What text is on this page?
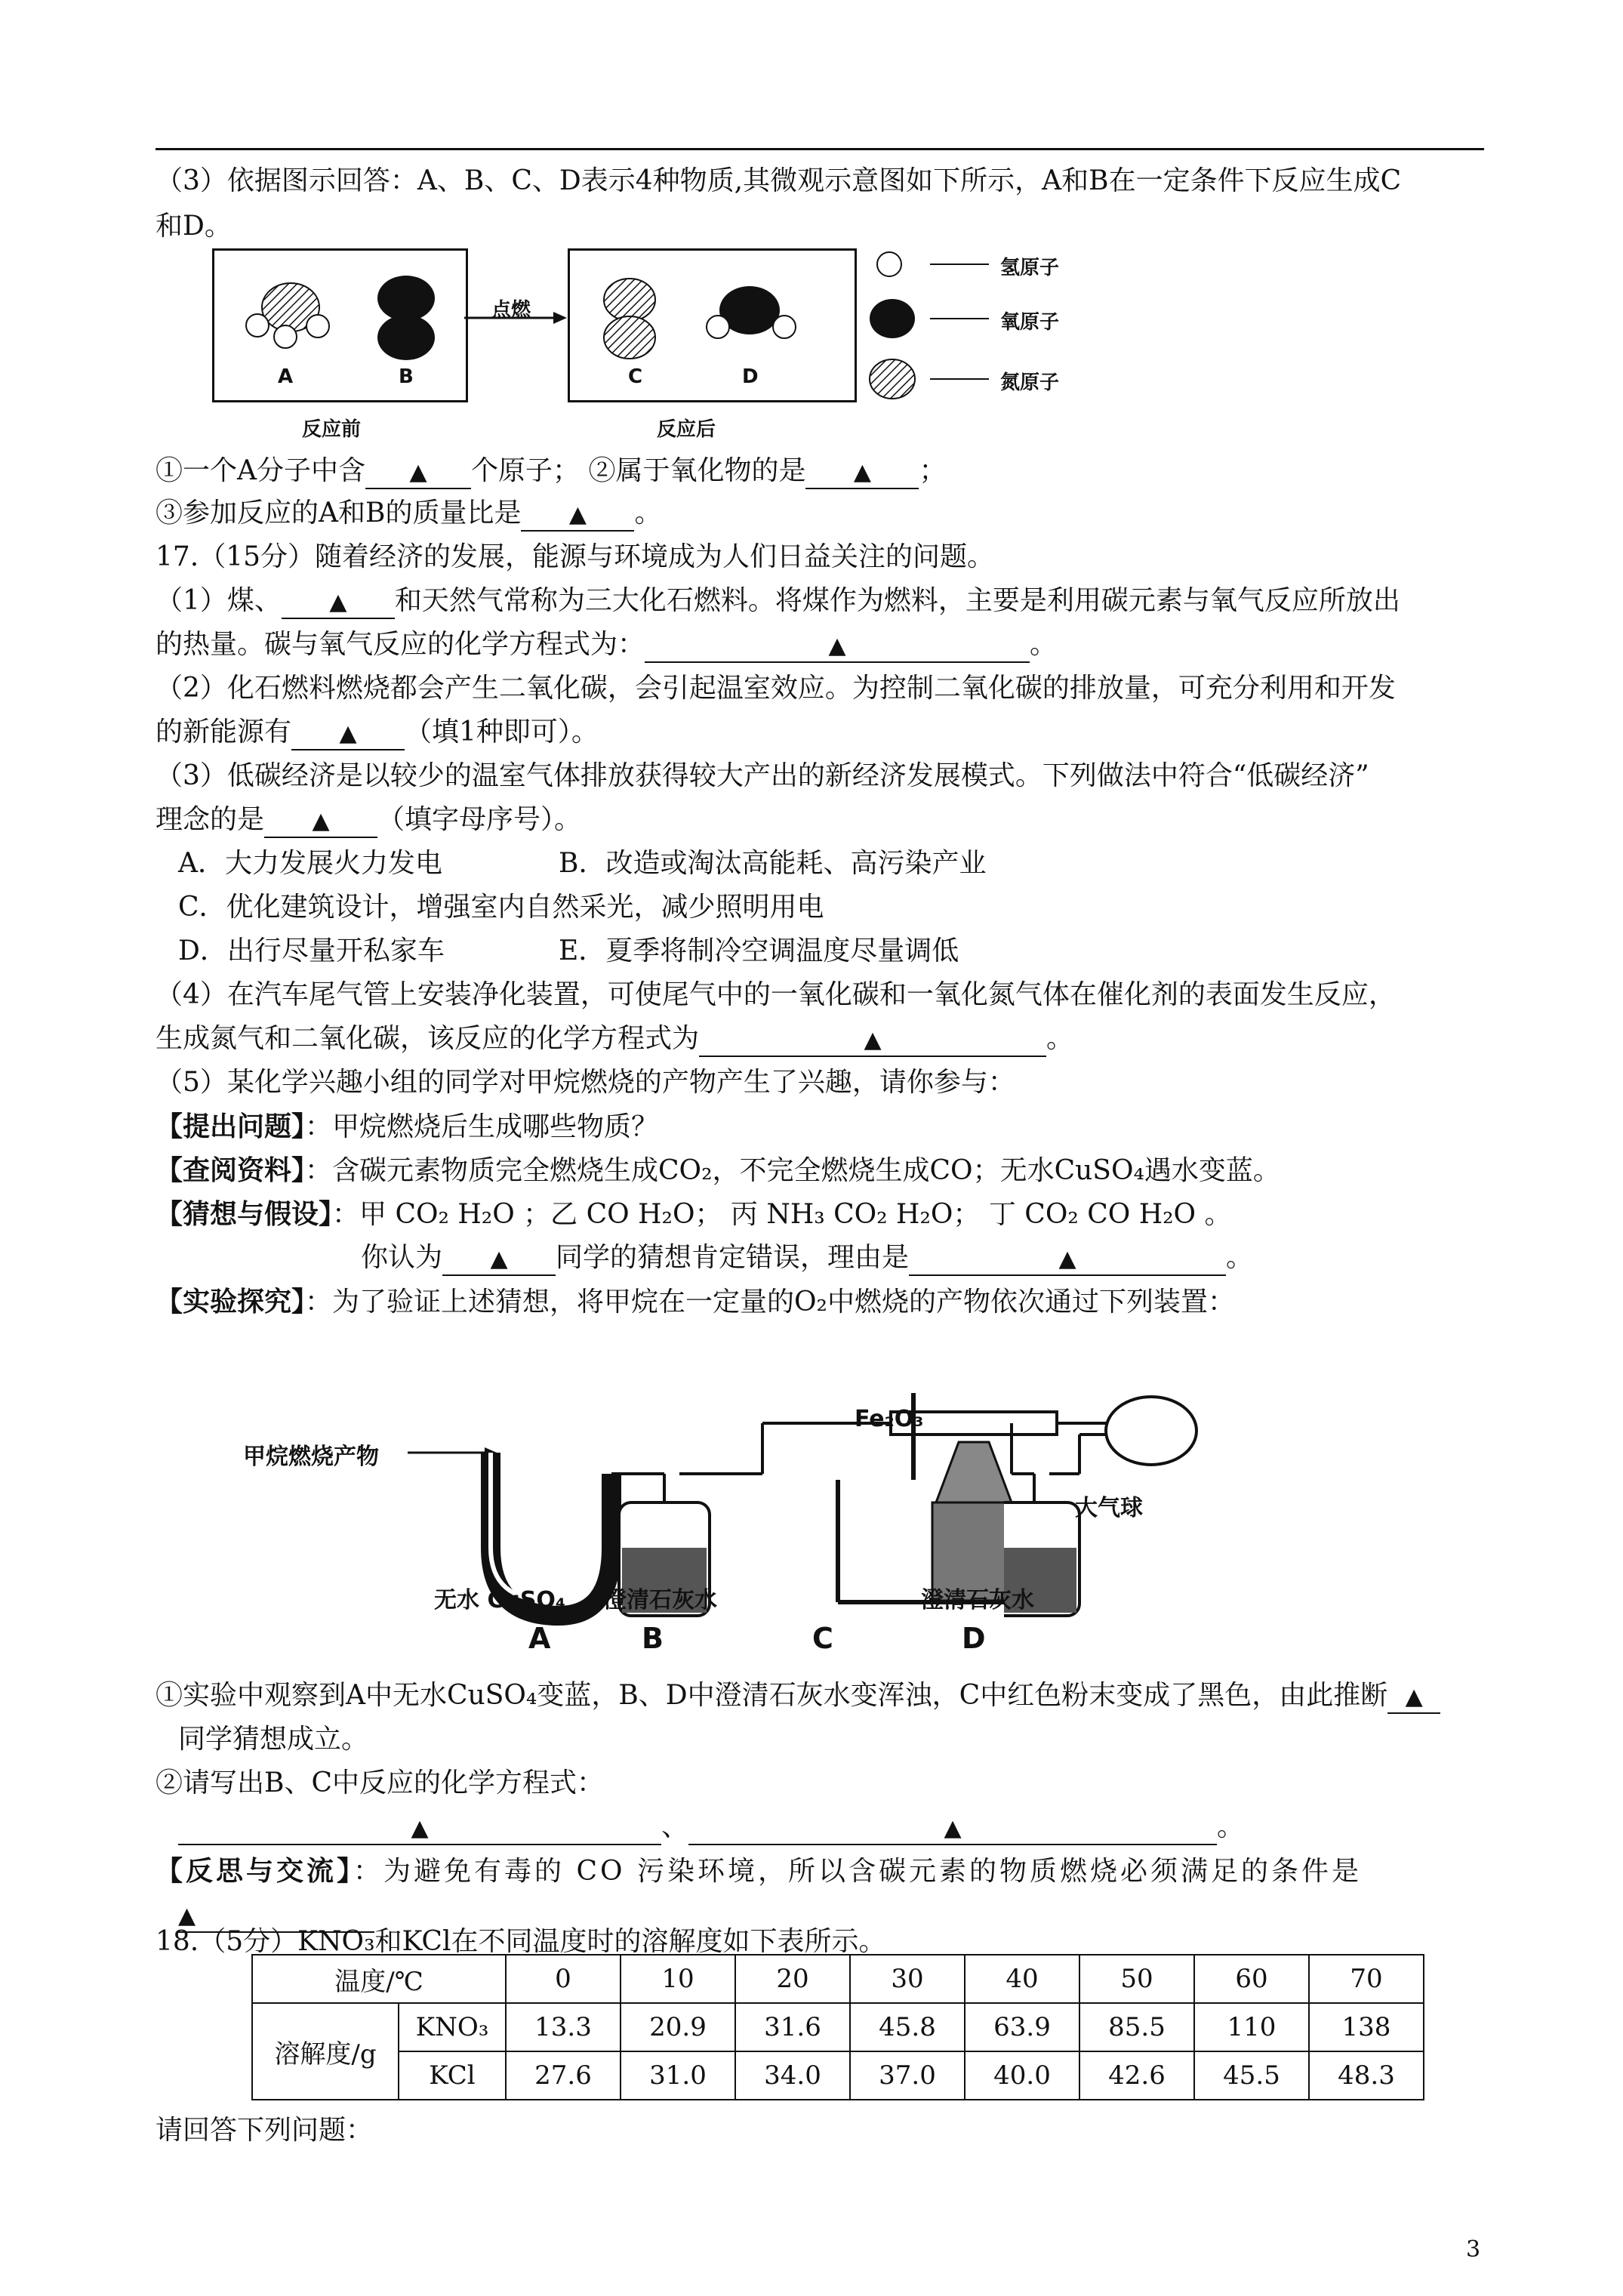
（3）依据图示回答：A、B、C、D表示4种物质,其微观示意图如下所示，A和B在一定条件下反应生成C
和D。
氢原子
氧原子
氮原子
点燃
A	B	C	D
反应前	反应后
①一个A分子中含 ▲ 个原子； ②属于氧化物的是 ▲ ；
③参加反应的A和B的质量比是 ▲ 。
17.（15分）随着经济的发展，能源与环境成为人们日益关注的问题。
（1）煤、 ▲ 和天然气常称为三大化石燃料。将煤作为燃料，主要是利用碳元素与氧气反应所放出
的热量。碳与氧气反应的化学方程式为：	▲	。
（2）化石燃料燃烧都会产生二氧化碳，会引起温室效应。为控制二氧化碳的排放量，可充分利用和开发
的新能源有 ▲ （填1种即可）。
（3）低碳经济是以较少的温室气体排放获得较大产出的新经济发展模式。下列做法中符合“低碳经济”
理念的是 ▲ （填字母序号）。
A．大力发展火力发电	B．改造或淘汰高能耗、高污染产业
C．优化建筑设计，增强室内自然采光，减少照明用电
D．出行尽量开私家车	E．夏季将制冷空调温度尽量调低
（4）在汽车尾气管上安装净化装置，可使尾气中的一氧化碳和一氧化氮气体在催化剂的表面发生反应，
生成氮气和二氧化碳，该反应的化学方程式为	▲	。
（5）某化学兴趣小组的同学对甲烷燃烧的产物产生了兴趣，请你参与：
【提出问题】：甲烷燃烧后生成哪些物质？
【查阅资料】：含碳元素物质完全燃烧生成CO₂，不完全燃烧生成CO；无水CuSO₄遇水变蓝。
【猜想与假设】：甲 CO₂ H₂O ；乙 CO H₂O； 丙 NH₃ CO₂ H₂O； 丁 CO₂ CO H₂O 。
你认为 ▲ 同学的猜想肯定错误，理由是	▲	。
【实验探究】：为了验证上述猜想，将甲烷在一定量的O₂中燃烧的产物依次通过下列装置：
甲烷燃烧产物
Fe₂O₃
大气球
无水 CuSO₄ 澄清石灰水	澄清石灰水
A	B	C	D
①实验中观察到A中无水CuSO₄变蓝，B、D中澄清石灰水变浑浊，C中红色粉末变成了黑色，由此推断 ▲
同学猜想成立。
②请写出B、C中反应的化学方程式：
▲	、	▲	。
【反思与交流】：为避免有毒的 CO 污染环境，所以含碳元素的物质燃烧必须满足的条件是
▲
18.（5分）KNO₃和KCl在不同温度时的溶解度如下表所示。
温度/℃		0	10	20	30	40	50	60	70
溶解度/g	KNO₃	13.3	20.9	31.6	45.8	63.9	85.5	110	138
	KCl	27.6	31.0	34.0	37.0	40.0	42.6	45.5	48.3
请回答下列问题：
3
